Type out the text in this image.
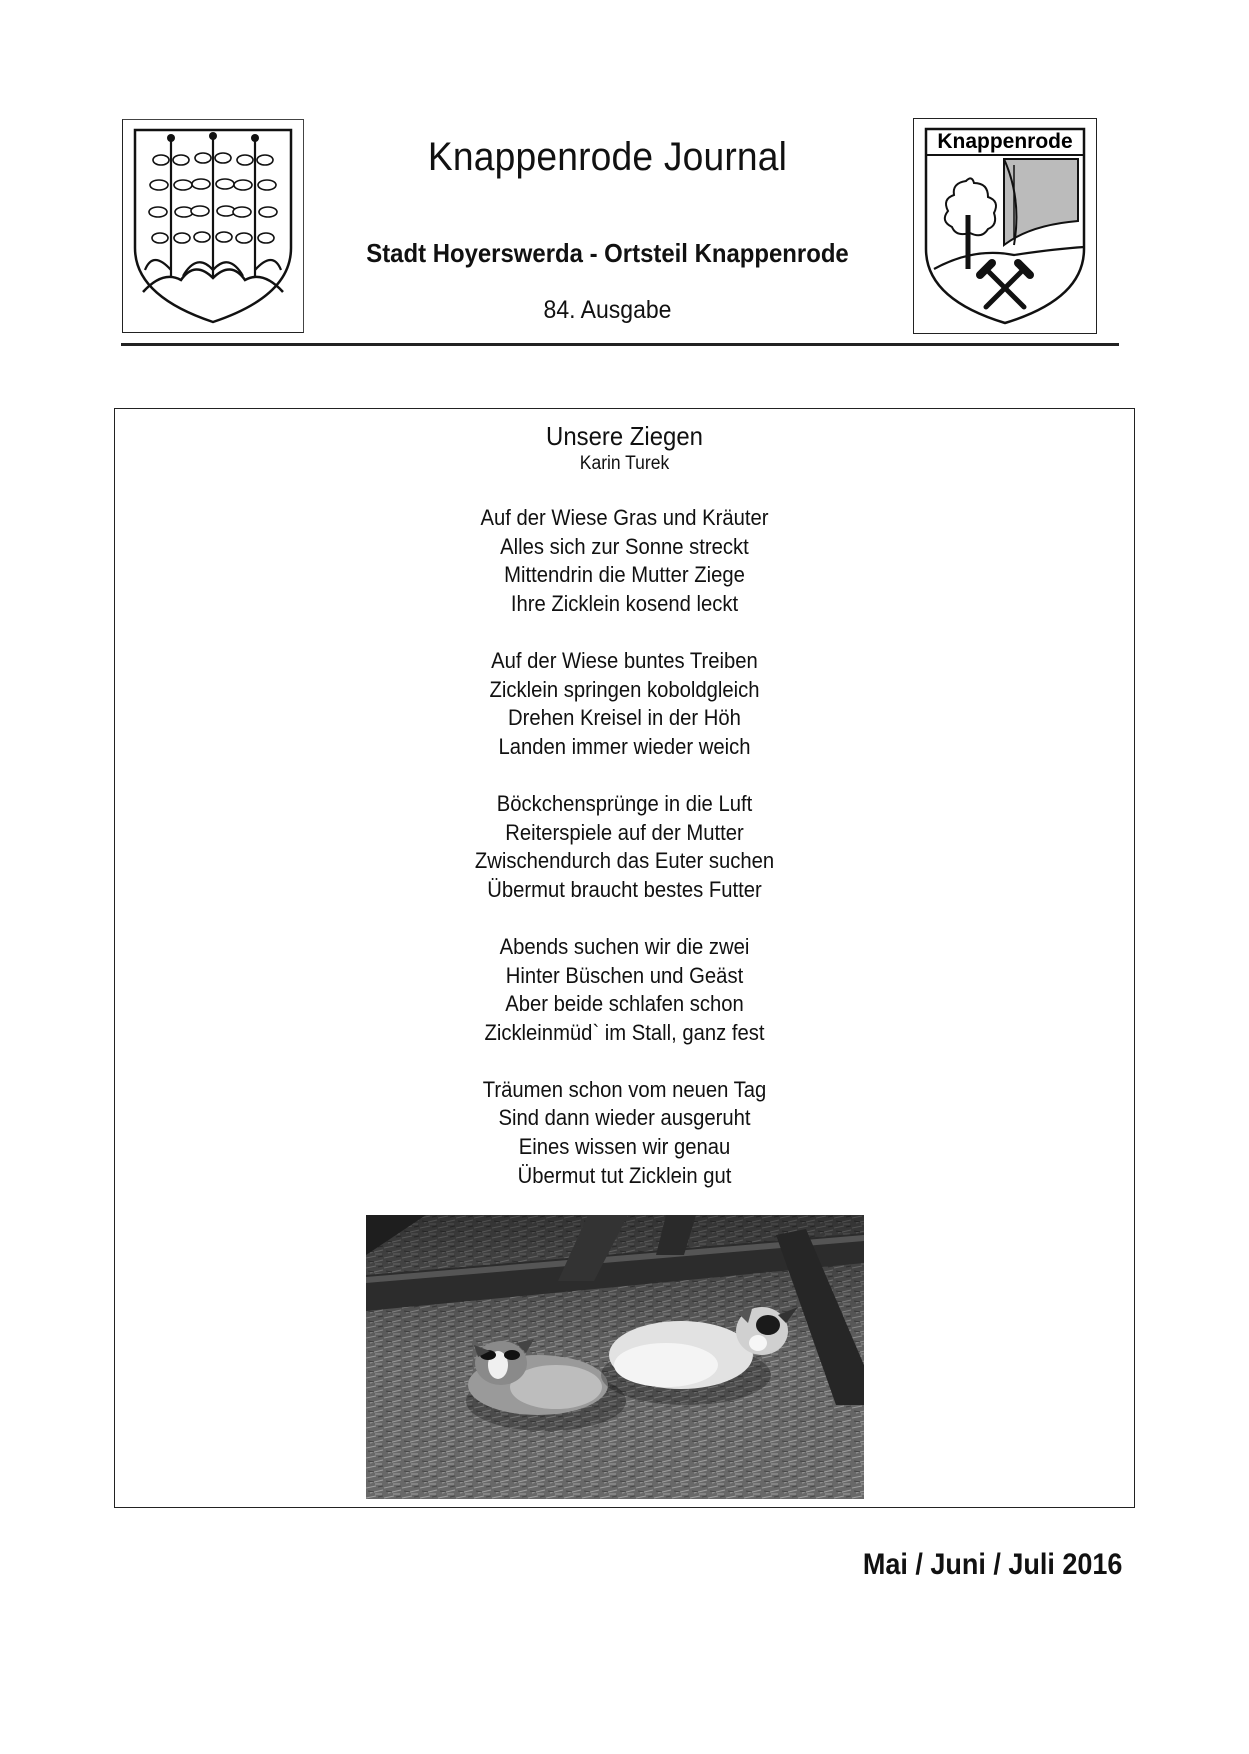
Knappenrode Journal
Stadt Hoyerswerda - Ortsteil Knappenrode
84. Ausgabe
Knappenrode
Unsere Ziegen
Karin Turek
Auf der Wiese Gras und Kräuter
Alles sich zur Sonne streckt
Mittendrin die Mutter Ziege
Ihre Zicklein kosend leckt
Auf der Wiese buntes Treiben
Zicklein springen koboldgleich
Drehen Kreisel in der Höh
Landen immer wieder weich
Böckchensprünge in die Luft
Reiterspiele auf der Mutter
Zwischendurch das Euter suchen
Übermut braucht bestes Futter
Abends suchen wir die zwei
Hinter Büschen und Geäst
Aber beide schlafen schon
Zickleinmüd` im Stall, ganz fest
Träumen schon vom neuen Tag
Sind dann wieder ausgeruht
Eines wissen wir genau
Übermut tut Zicklein gut
Mai / Juni / Juli 2016
